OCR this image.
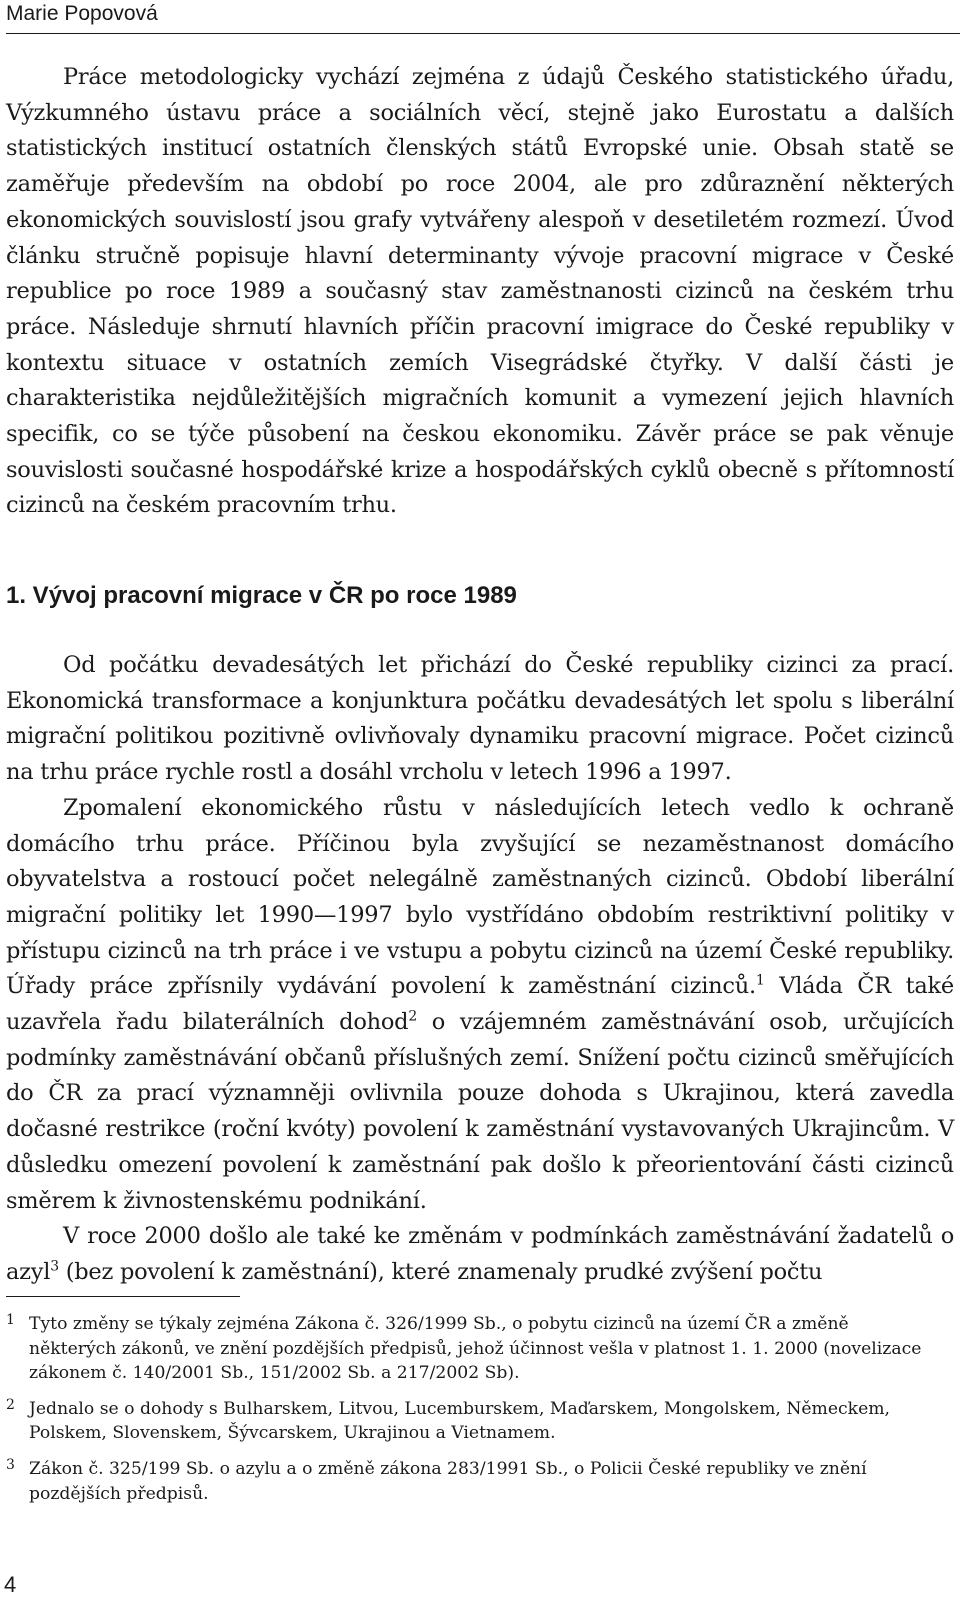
Marie Popovová

Práce metodologicky vychází zejména z údajů Českého statistického úřadu, Výzkumného ústavu práce a sociálních věcí, stejně jako Eurostatu a dalších statistických institucí ostatních členských států Evropské unie. Obsah statě se zaměřuje především na období po roce 2004, ale pro zdůraznění některých ekonomických souvislostí jsou grafy vytvářeny alespoň v desetiletém rozmezí. Úvod článku stručně popisuje hlavní determinanty vývoje pracovní migrace v České republice po roce 1989 a současný stav zaměstnanosti cizinců na českém trhu práce. Následuje shrnutí hlavních příčin pracovní imigrace do České republiky v kontextu situace v ostatních zemích Visegrádské čtyřky. V další části je charakteristika nejdůležitějších migračních komunit a vymezení jejich hlavních specifik, co se týče působení na českou ekonomiku. Závěr práce se pak věnuje souvislosti současné hospodářské krize a hospodářských cyklů obecně s přítomností cizinců na českém pracovním trhu.

1. Vývoj pracovní migrace v ČR po roce 1989

Od počátku devadesátých let přichází do České republiky cizinci za prací. Ekonomická transformace a konjunktura počátku devadesátých let spolu s liberální migrační politikou pozitivně ovlivňovaly dynamiku pracovní migrace. Počet cizinců na trhu práce rychle rostl a dosáhl vrcholu v letech 1996 a 1997.

Zpomalení ekonomického růstu v následujících letech vedlo k ochraně domácího trhu práce. Příčinou byla zvyšující se nezaměstnanost domácího obyvatelstva a rostoucí počet nelegálně zaměstnaných cizinců. Období liberální migrační politiky let 1990—1997 bylo vystřídáno obdobím restriktivní politiky v přístupu cizinců na trh práce i ve vstupu a pobytu cizinců na území České republiky. Úřady práce zpřísnily vydávání povolení k zaměstnání cizinců.$^1$ Vláda ČR také uzavřela řadu bilaterálních dohod$^2$ o vzájemném zaměstnávání osob, určujících podmínky zaměstnávání občanů příslušných zemí. Snížení počtu cizinců směřujících do ČR za prací významněji ovlivnila pouze dohoda s Ukrajinou, která zavedla dočasné restrikce (roční kvóty) povolení k zaměstnání vystavovaných Ukrajincům. V důsledku omezení povolení k zaměstnání pak došlo k přeorientování části cizinců směrem k živnostenskému podnikání.

V roce 2000 došlo ale také ke změnám v podmínkách zaměstnávání žadatelů o azyl$^3$ (bez povolení k zaměstnání), které znamenaly prudké zvýšení počtu

1 Tyto změny se týkaly zejména Zákona č. 326/1999 Sb., o pobytu cizinců na území ČR a změně některých zákonů, ve znění pozdějších předpisů, jehož účinnost vešla v platnost 1. 1. 2000 (novelizace zákonem č. 140/2001 Sb., 151/2002 Sb. a 217/2002 Sb).
2 Jednalo se o dohody s Bulharskem, Litvou, Lucemburskem, Maďarskem, Mongolskem, Německem, Polskem, Slovenskem, Šývcarskem, Ukrajinou a Vietnamem.
3 Zákon č. 325/199 Sb. o azylu a o změně zákona 283/1991 Sb., o Policii České republiky ve znění pozdějších předpisů.
4
